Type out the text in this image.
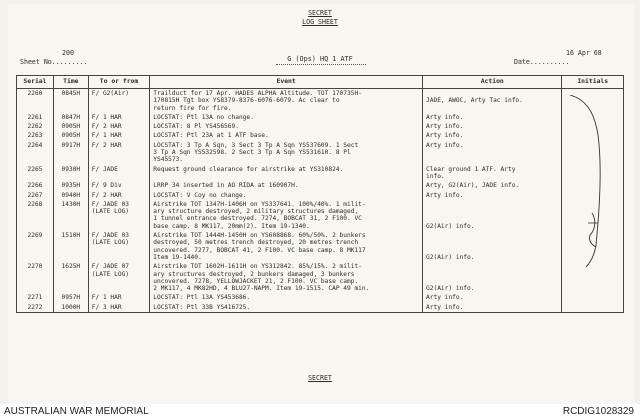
SECRET
LOG SHEET
200
Sheet No.........	G (Ops) HQ 1 ATF
16 Apr 68
Date..........
Serial	Time	To or from	Event	Action	Initials
2260	0845H	F/ G2(Air)	Trailduct for 17 Apr. HADES ALPHA Altitude. TOT 170735H-
170815H Tgt box YS8379-8376-6076-6079. Ac clear to
return fire for fire.	
JADE, AWOC, Arty Tac info.	
2261	0847H	F/ 1 HAR	LOCSTAT: Ptl 13A no change.	Arty info.	
2262	0905H	F/ 2 HAR	LOCSTAT: 8 Pl YS456569.	Arty info.	
2263	0905H	F/ 1 HAR	LOCSTAT: Ptl 23A at 1 ATF base.	Arty info.	
2264	0917H	F/ 2 HAR	LOCSTAT: 3 Tp A Sqn, 3 Sect 3 Tp A Sqn YS537609. 1 Sect
3 Tp A Sqn YS532598. 2 Sect 3 Tp A Sqn YS531610. 8 Pl
YS45573.	Arty info.	
2265	0930H	F/ JADE	Request ground clearance for airstrike at YS310824.	Clear ground 1 ATF. Arty
info.	
2266	0935H	F/ 9 Div	LRRP 34 inserted in AO RIDA at 160907H.	Arty, G2(Air), JADE info.	
2267	0940H	F/ 2 HAR	LOCSTAT: V Coy no change.	Arty info.	
2268	1430H	F/ JADE 03
(LATE LOG)	Airstrike TOT 1347H-1406H on YS337641. 100%/40%. 1 milit-
ary structure destroyed, 2 military structures damaged,
1 tunnel entrance destroyed. 7274, BOBCAT 31, 2 F100. VC
base camp. 8 MK117, 20mm(2). Item 19-1340.	

G2(Air) info.	
2269	1510H	F/ JADE 03
(LATE LOG)	Airstrike TOT 1444H-1450H on YS608868. 60%/50%. 2 bunkers
destroyed, 50 metres trench destroyed, 20 metres trench
uncovered. 7277, BOBCAT 41, 2 F100. VC base camp. 8 MK117
Item 19-1440.	

G2(Air) info.	
2270	1625H	F/ JADE 07
(LATE LOG)	Airstrike TOT 1602H-1611H on YS312842. 85%/15%. 2 milit-
ary structures destroyed, 2 bunkers damaged, 3 bunkers
uncovered. 7278, YELLOWJACKET 21, 2 F100. VC base camp.
2 MK117, 4 MK82HD, 4 BLU27-NAPM. Item 19-1515. CAP 49 min.	

G2(Air) info.	
2271	0957H	F/ 1 HAR	LOCSTAT: Ptl 13A YS453686.	Arty info.	
2272	1000H	F/ 3 HAR	LOCSTAT: Ptl 33B YS416725.	Arty info.	
SECRET
AUSTRALIAN WAR MEMORIAL	RCDIG1028329
